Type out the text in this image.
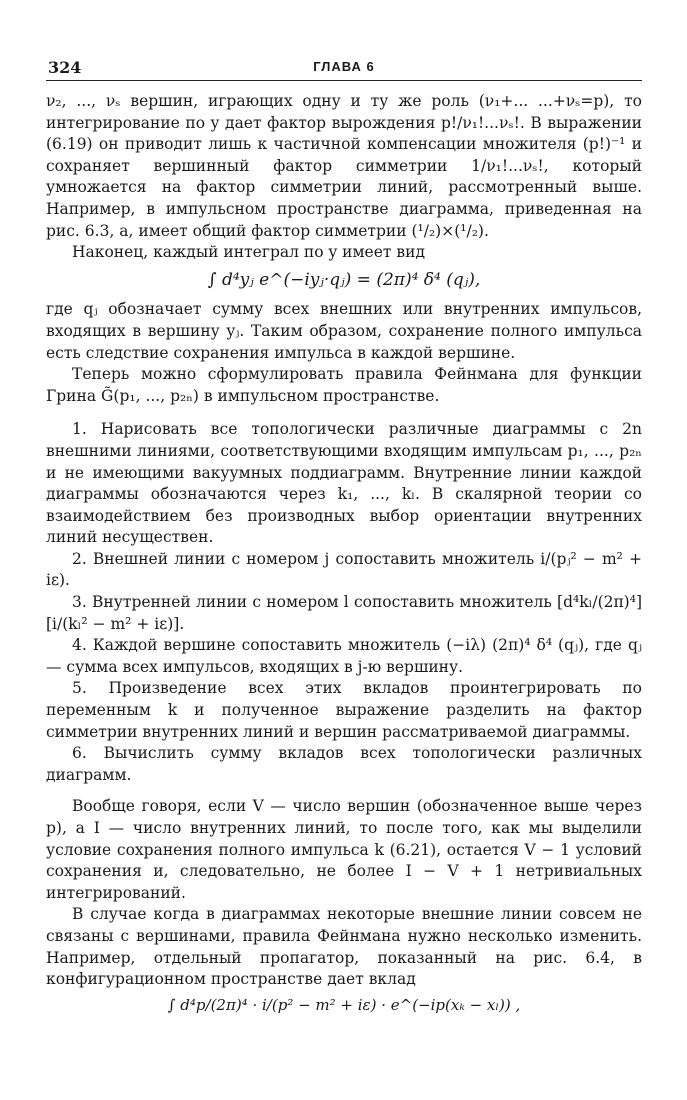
324	ГЛАВА 6

ν₂, ..., νₛ вершин, играющих одну и ту же роль (ν₁+... ...+νₛ=p), то интегрирование по y дает фактор вырождения p!/ν₁!...νₛ!. В выражении (6.19) он приводит лишь к частичной компенсации множителя (p!)⁻¹ и сохраняет вершинный фактор симметрии 1/ν₁!...νₛ!, который умножается на фактор симметрии линий, рассмотренный выше. Например, в импульсном пространстве диаграмма, приведенная на рис. 6.3, a, имеет общий фактор симметрии (¹/₂)×(¹/₂).

Наконец, каждый интеграл по y имеет вид

∫ d⁴yⱼ e^(−iyⱼ·qⱼ) = (2π)⁴ δ⁴ (qⱼ),

где qⱼ обозначает сумму всех внешних или внутренних импульсов, входящих в вершину yⱼ. Таким образом, сохранение полного импульса есть следствие сохранения импульса в каждой вершине.

Теперь можно сформулировать правила Фейнмана для функции Грина G̃(p₁, ..., p₂ₙ) в импульсном пространстве.

1. Нарисовать все топологически различные диаграммы с 2n внешними линиями, соответствующими входящим импульсам p₁, ..., p₂ₙ и не имеющими вакуумных поддиаграмм. Внутренние линии каждой диаграммы обозначаются через k₁, ..., kₗ. В скалярной теории со взаимодействием без производных выбор ориентации внутренних линий несуществен.

2. Внешней линии с номером j сопоставить множитель i/(pⱼ² − m² + iε).

3. Внутренней линии с номером l сопоставить множитель [d⁴kₗ/(2π)⁴] [i/(kₗ² − m² + iε)].

4. Каждой вершине сопоставить множитель (−iλ) (2π)⁴ δ⁴ (qⱼ), где qⱼ — сумма всех импульсов, входящих в j-ю вершину.

5. Произведение всех этих вкладов проинтегрировать по переменным k и полученное выражение разделить на фактор симметрии внутренних линий и вершин рассматриваемой диаграммы.

6. Вычислить сумму вкладов всех топологически различных диаграмм.

Вообще говоря, если V — число вершин (обозначенное выше через p), а I — число внутренних линий, то после того, как мы выделили условие сохранения полного импульса k (6.21), остается V − 1 условий сохранения и, следовательно, не более I − V + 1 нетривиальных интегрирований.

В случае когда в диаграммах некоторые внешние линии совсем не связаны с вершинами, правила Фейнмана нужно несколько изменить. Например, отдельный пропагатор, показанный на рис. 6.4, в конфигурационном пространстве дает вклад

∫ d⁴p/(2π)⁴ · i/(p² − m² + iε) · e^(−ip(xₖ − xₗ)) ,
